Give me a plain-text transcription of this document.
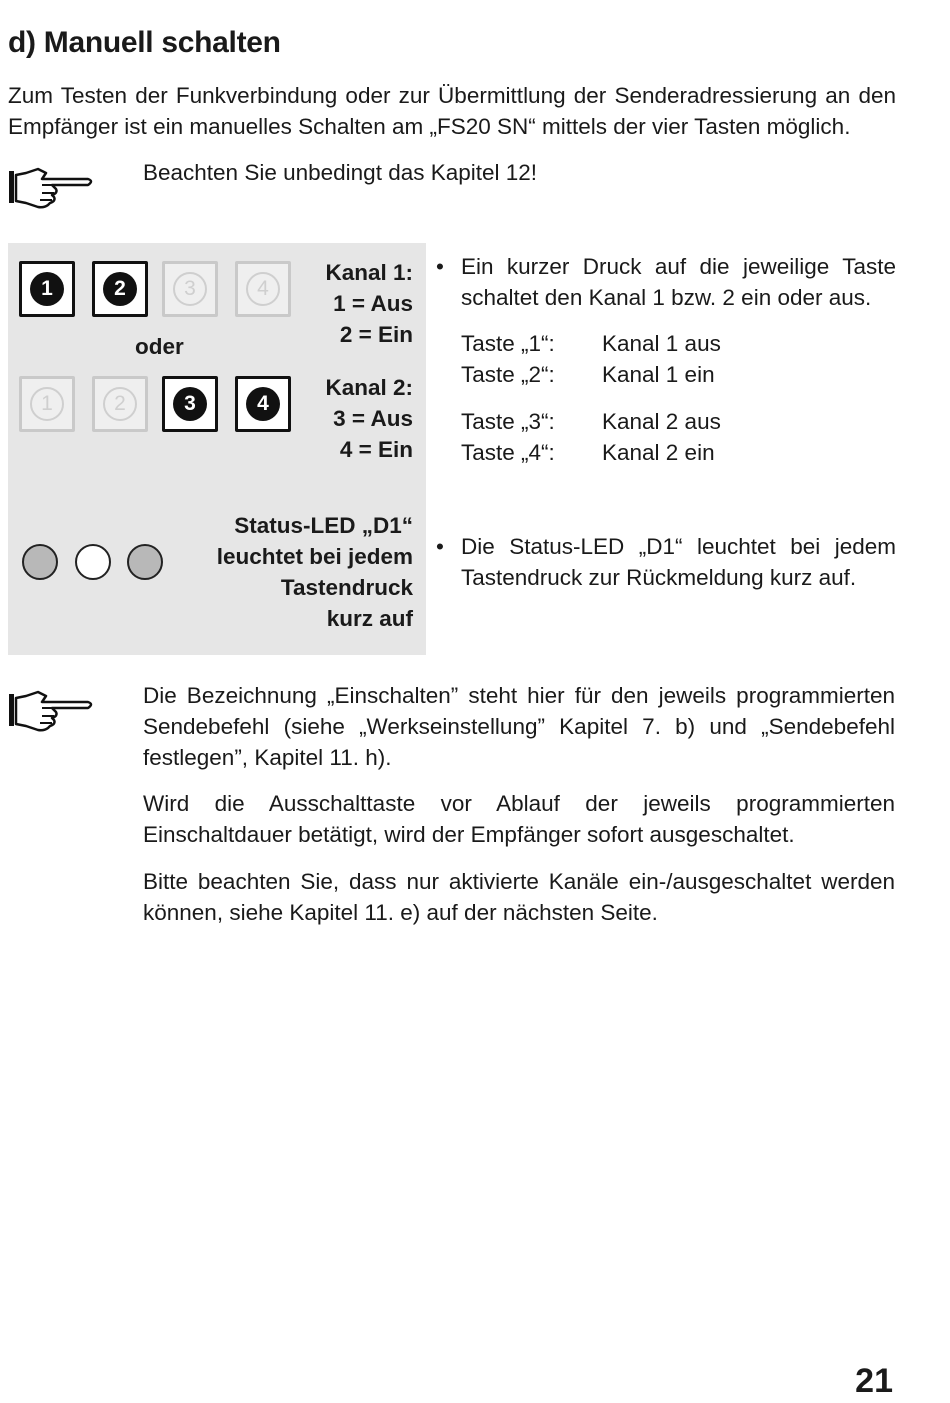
d) Manuell schalten
Zum Testen der Funkverbindung oder zur Übermittlung der Senderadressierung an den Empfänger ist ein manuelles Schalten am „FS20 SN“ mittels der vier Tasten möglich.
Beachten Sie unbedingt das Kapitel 12!
1	2	3	4
oder
1	2	3	4
Kanal 1:
1 = Aus
2 = Ein
Kanal 2:
3 = Aus
4 = Ein
Status-LED „D1“
leuchtet bei jedem
Tastendruck
kurz auf
• Ein kurzer Druck auf die jeweilige Taste schaltet den Kanal 1 bzw. 2 ein oder aus.
Taste „1“: Kanal 1 aus
Taste „2“: Kanal 1 ein
Taste „3“: Kanal 2 aus
Taste „4“: Kanal 2 ein
• Die Status-LED „D1“ leuchtet bei jedem Tastendruck zur Rückmeldung kurz auf.
Die Bezeichnung „Einschalten” steht hier für den jeweils programmierten Sendebefehl (siehe „Werkseinstellung” Kapitel 7. b) und „Sendebefehl festlegen”, Kapitel 11. h).
Wird die Ausschalttaste vor Ablauf der jeweils programmierten Einschaltdauer betätigt, wird der Empfänger sofort ausgeschaltet.
Bitte beachten Sie, dass nur aktivierte Kanäle ein-/ausgeschaltet werden können, siehe Kapitel 11. e) auf der nächsten Seite.
21
